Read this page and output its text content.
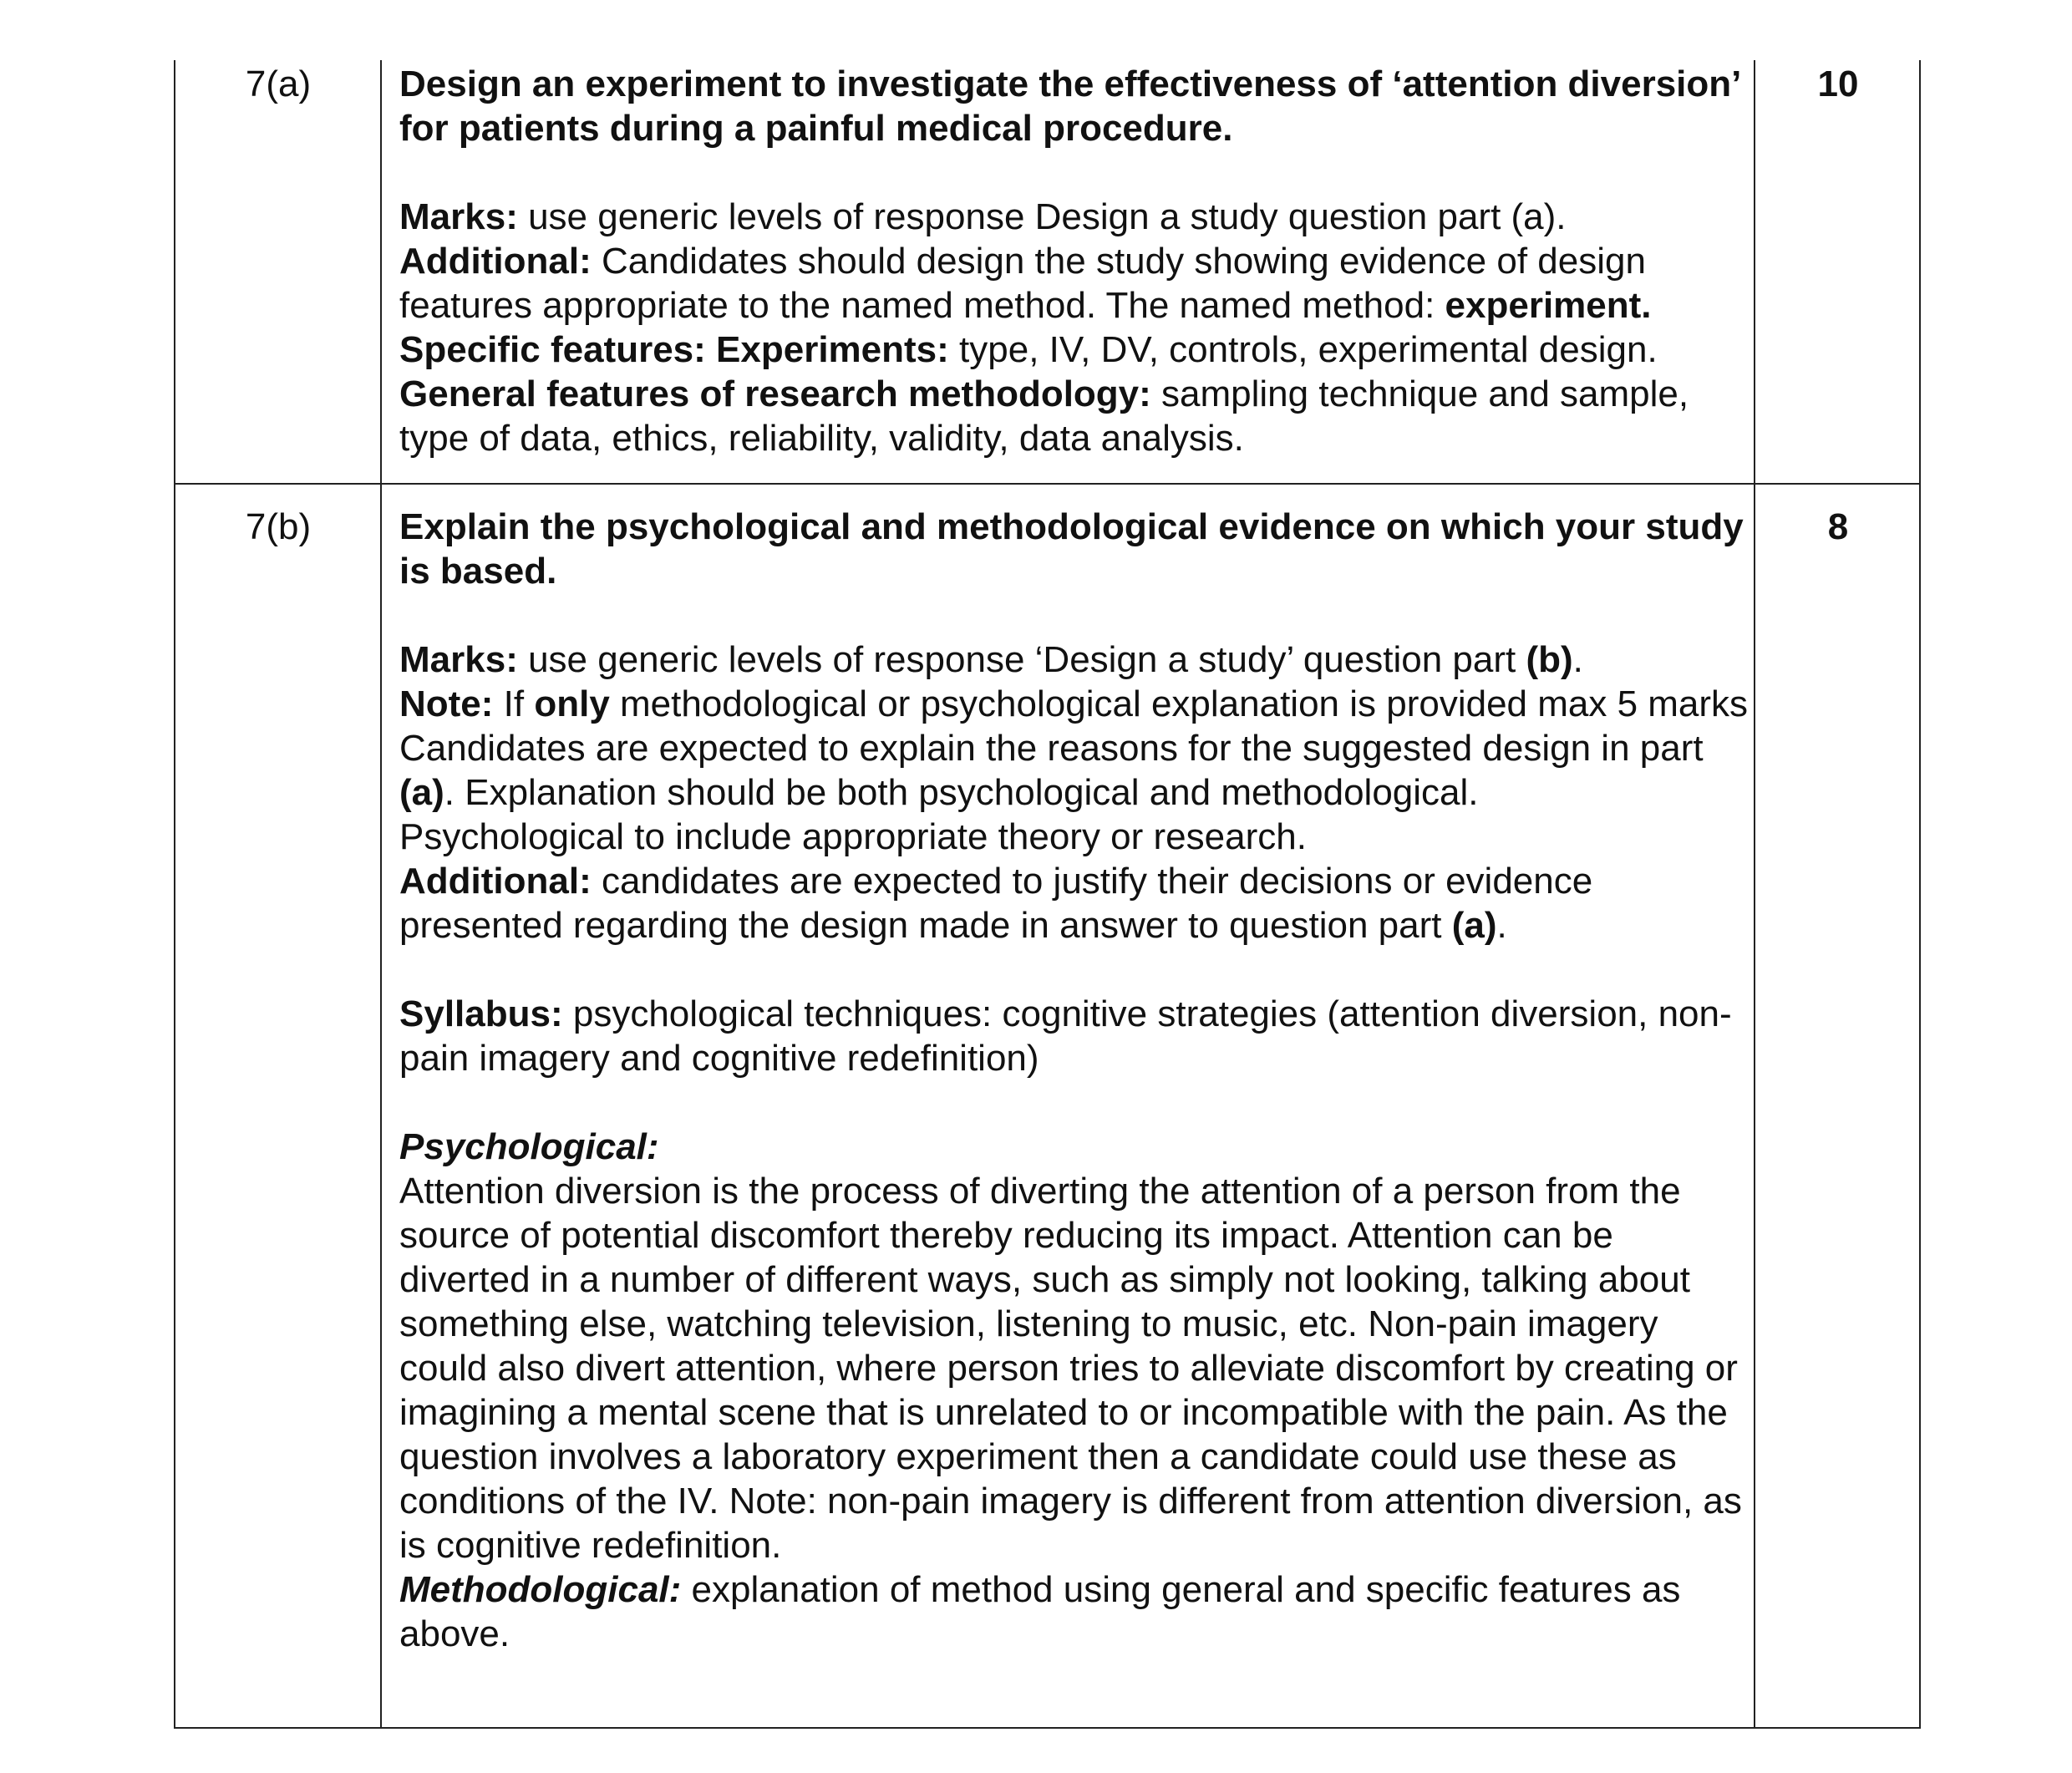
7(a)	10

Design an experiment to investigate the effectiveness of ‘attention diversion’ for patients during a painful medical procedure.

Marks: use generic levels of response Design a study question part (a).

Additional: Candidates should design the study showing evidence of design features appropriate to the named method. The named method: experiment.

Specific features: Experiments: type, IV, DV, controls, experimental design.

General features of research methodology: sampling technique and sample, type of data, ethics, reliability, validity, data analysis.

7(b)	8

Explain the psychological and methodological evidence on which your study is based.

Marks: use generic levels of response ‘Design a study’ question part (b).

Note: If only methodological or psychological explanation is provided max 5 marks

Candidates are expected to explain the reasons for the suggested design in part (a). Explanation should be both psychological and methodological.

Psychological to include appropriate theory or research.

Additional: candidates are expected to justify their decisions or evidence presented regarding the design made in answer to question part (a).

Syllabus: psychological techniques: cognitive strategies (attention diversion, non-pain imagery and cognitive redefinition)

Psychological:

Attention diversion is the process of diverting the attention of a person from the source of potential discomfort thereby reducing its impact. Attention can be diverted in a number of different ways, such as simply not looking, talking about something else, watching television, listening to music, etc. Non-pain imagery could also divert attention, where person tries to alleviate discomfort by creating or imagining a mental scene that is unrelated to or incompatible with the pain. As the question involves a laboratory experiment then a candidate could use these as conditions of the IV. Note: non-pain imagery is different from attention diversion, as is cognitive redefinition.

Methodological: explanation of method using general and specific features as above.
